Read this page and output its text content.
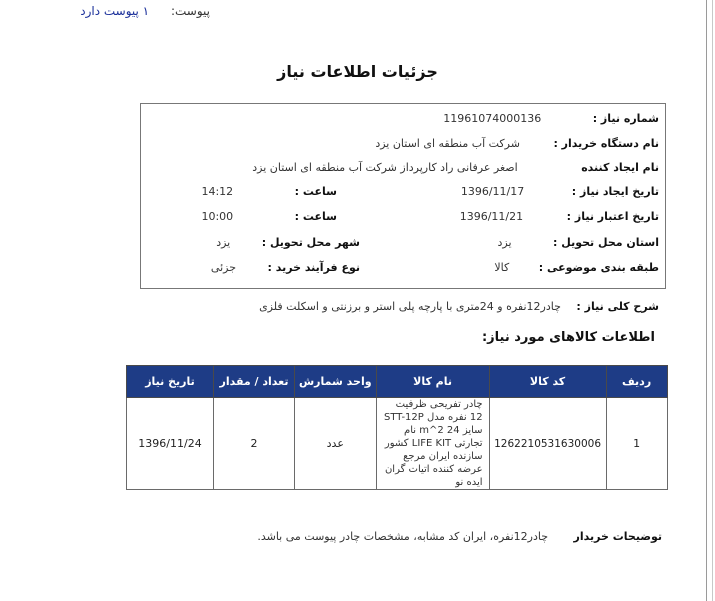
پیوست: ۱ پیوست دارد
جزئیات اطلاعات نیاز
شماره نیاز : 1196107400013​6
نام دستگاه خریدار : شرکت آب منطقه ای استان یزد
نام ایجاد کننده اصغر عرفانی راد کارپرداز شرکت آب منطقه ای استان یزد
تاریخ ایجاد نیاز : 1396/11/17
ساعت : 14:12
تاریخ اعتبار نیاز : 1396/11/21
ساعت : 10:00
استان محل تحویل : یزد
شهر محل تحویل : یزد
طبقه بندی موضوعی : کالا
نوع فرآیند خرید : جزئی
شرح کلی نیاز : چادر12نفره و 24متری با پارچه پلی استر و برزنتی و اسکلت فلزی
اطلاعات کالاهای مورد نیاز:
ردیف	کد کالا	نام کالا	واحد شمارش	تعداد / مقدار	تاریخ نیاز
1	1262210531630006	چادر تفریحی ظرفیت 12 نفره مدل STT-12P سایز 24 m^2 نام تجارتی LIFE KIT کشور سازنده ایران مرجع عرضه کننده اتیات گران ایده نو	عدد	2	1396/11/24
توضیحات خریدار چادر12نفره، ایران کد مشابه، مشخصات چادر پیوست می باشد.
